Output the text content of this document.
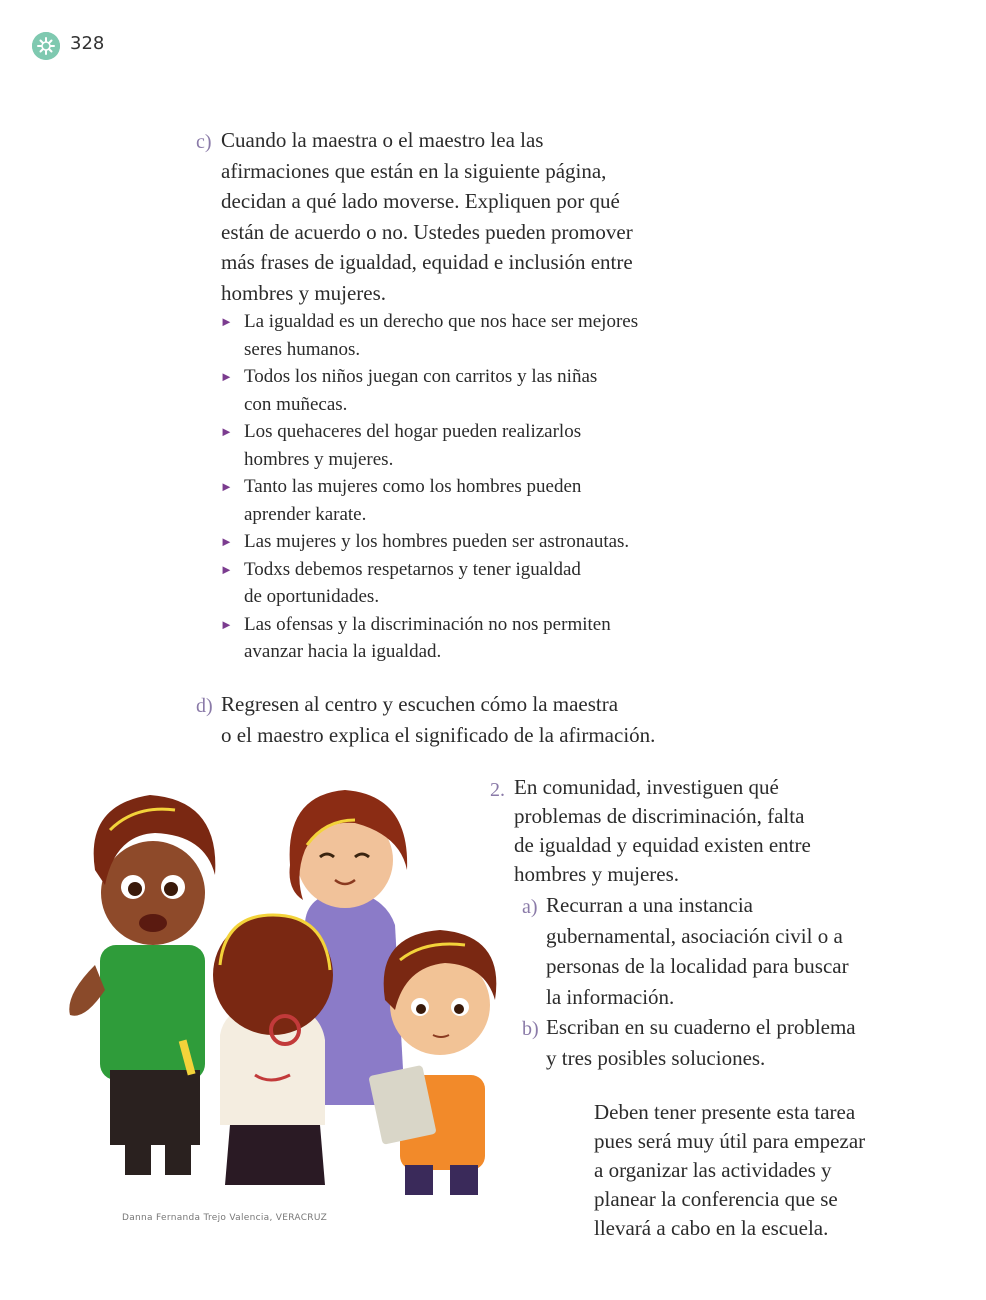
328
c) Cuando la maestra o el maestro lea las
afirmaciones que están en la siguiente página,
decidan a qué lado moverse. Expliquen por qué
están de acuerdo o no. Ustedes pueden promover
más frases de igualdad, equidad e inclusión entre
hombres y mujeres.
► La igualdad es un derecho que nos hace ser mejores
seres humanos.
► Todos los niños juegan con carritos y las niñas
con muñecas.
► Los quehaceres del hogar pueden realizarlos
hombres y mujeres.
► Tanto las mujeres como los hombres pueden
aprender karate.
► Las mujeres y los hombres pueden ser astronautas.
► Todxs debemos respetarnos y tener igualdad
de oportunidades.
► Las ofensas y la discriminación no nos permiten
avanzar hacia la igualdad.
d) Regresen al centro y escuchen cómo la maestra
o el maestro explica el significado de la afirmación.
Danna Fernanda Trejo Valencia, VERACRUZ
2. En comunidad, investiguen qué
problemas de discriminación, falta
de igualdad y equidad existen entre
hombres y mujeres.
a) Recurran a una instancia
gubernamental, asociación civil o a
personas de la localidad para buscar
la información.
b) Escriban en su cuaderno el problema
y tres posibles soluciones.
Deben tener presente esta tarea
pues será muy útil para empezar
a organizar las actividades y
planear la conferencia que se
llevará a cabo en la escuela.
